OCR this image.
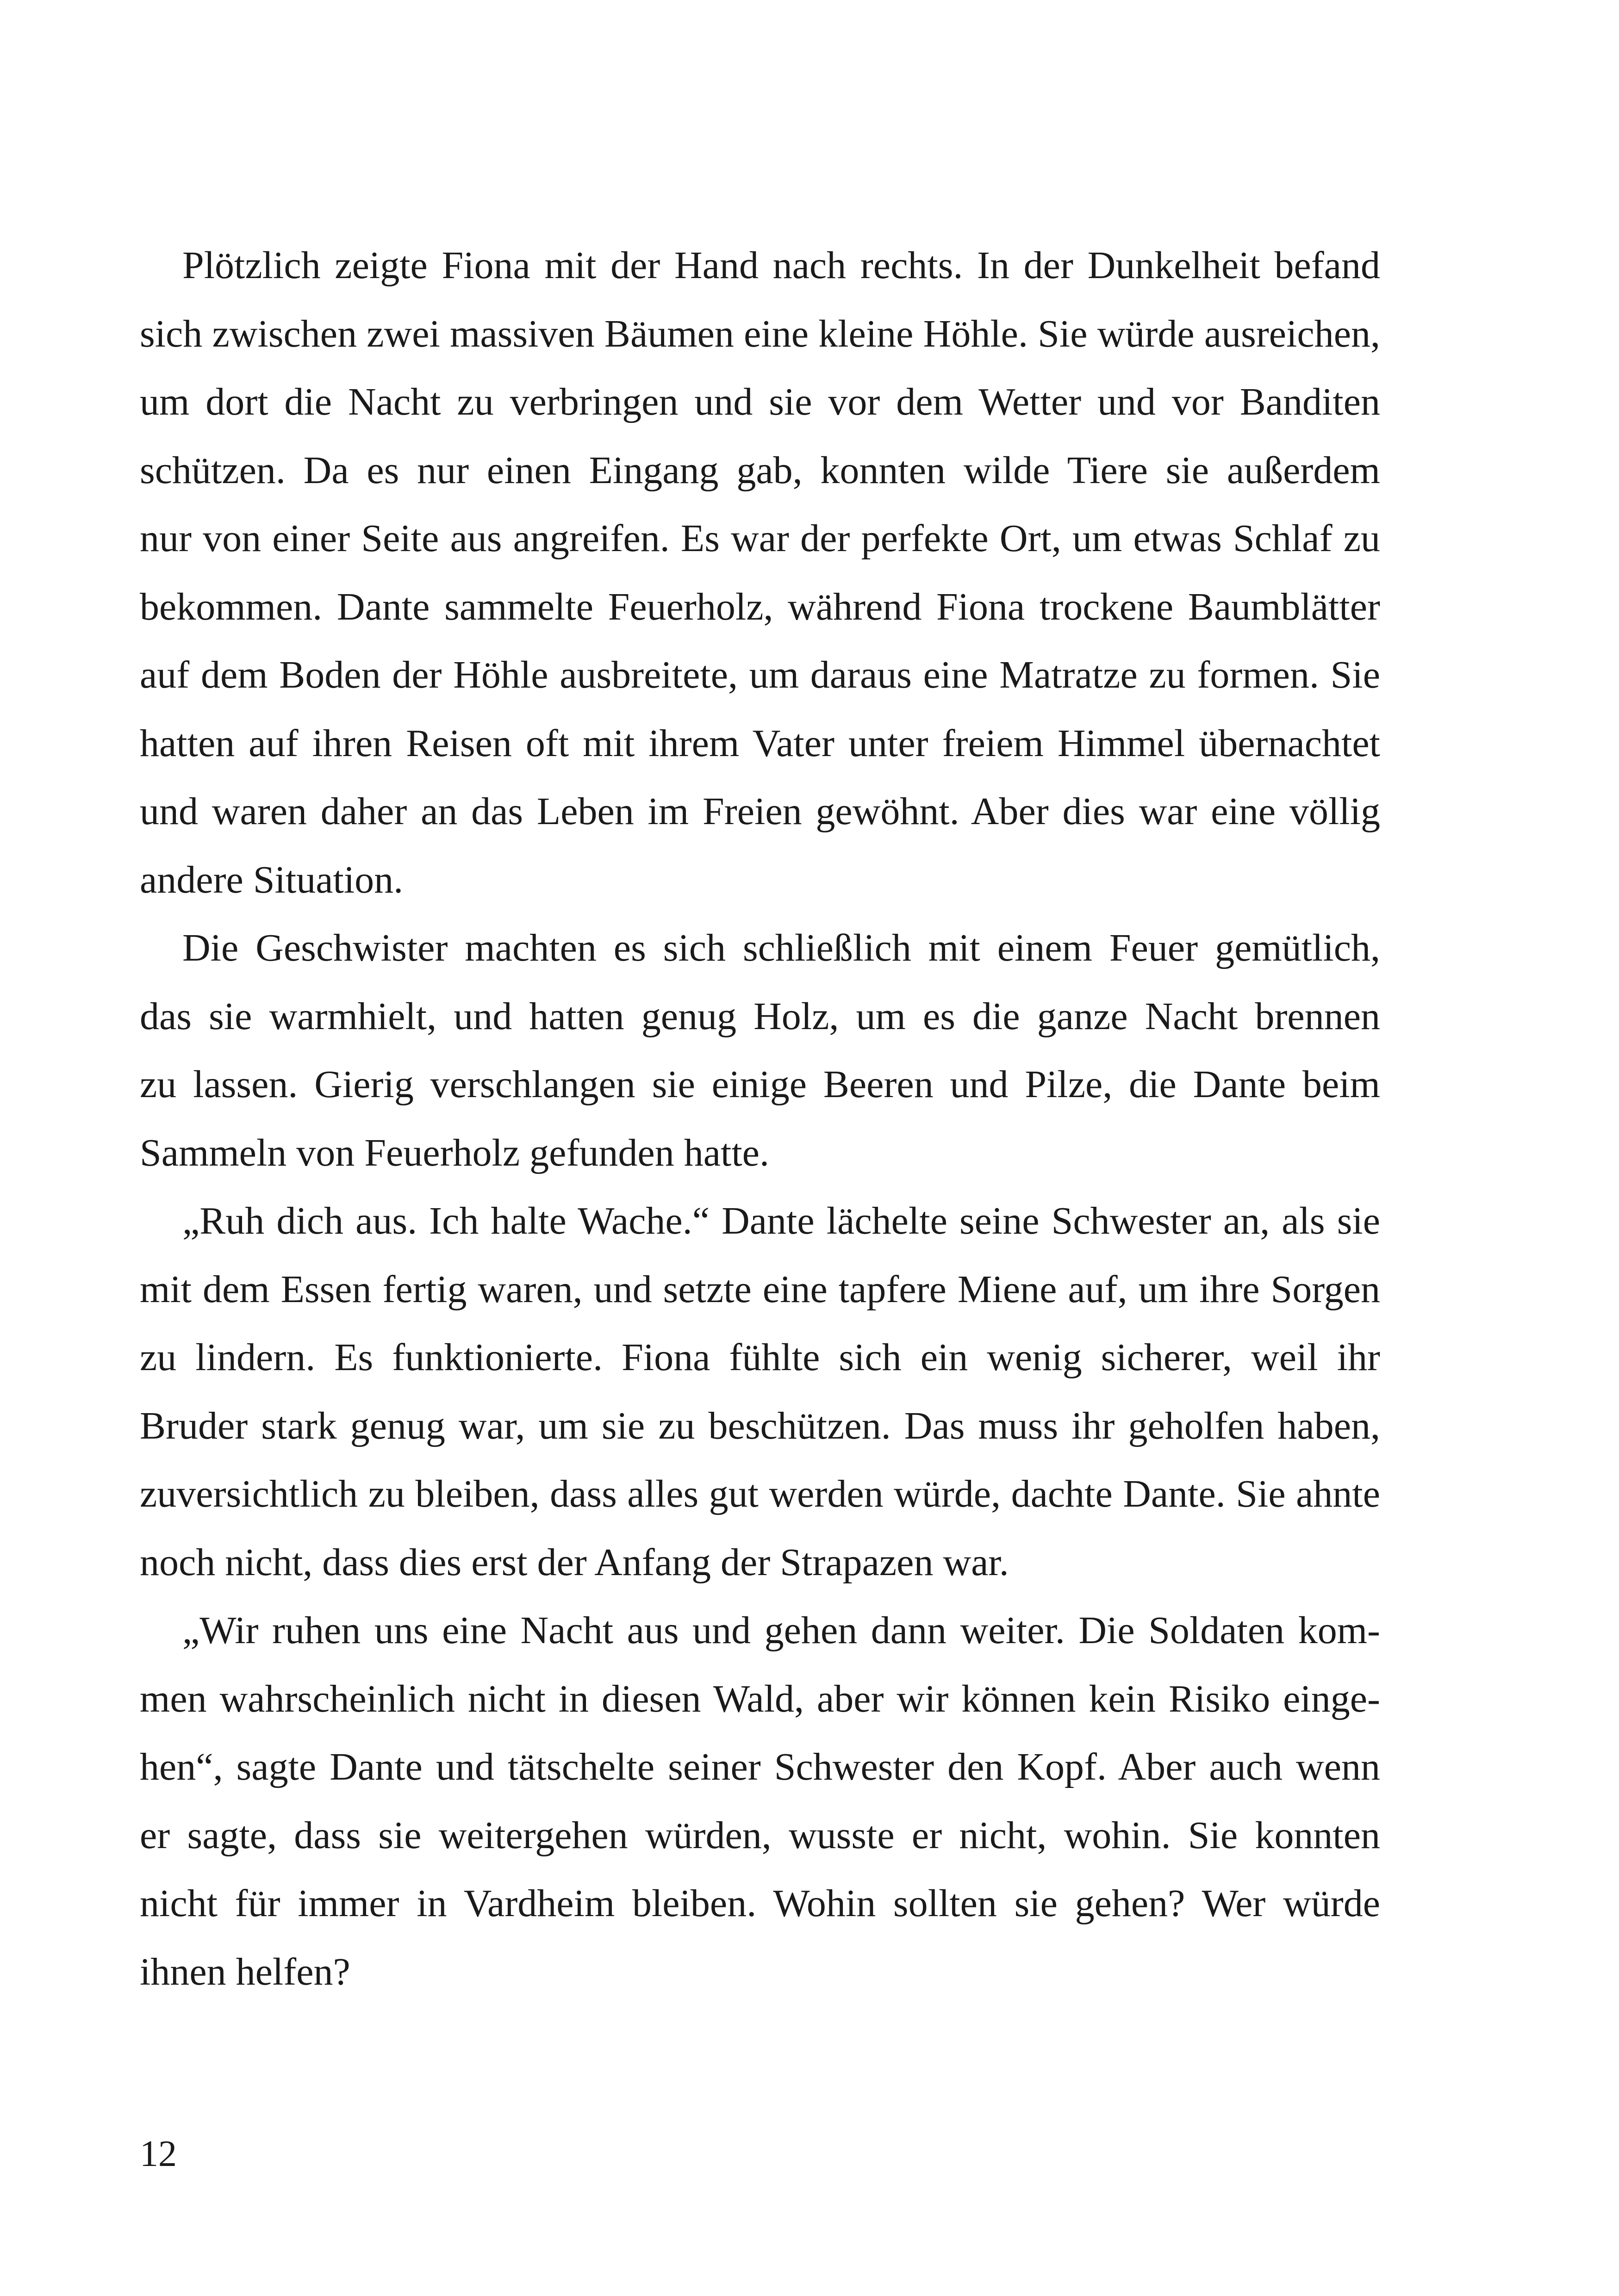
Plötzlich zeigte Fiona mit der Hand nach rechts. In der Dunkelheit befand
sich zwischen zwei massiven Bäumen eine kleine Höhle. Sie würde ausreichen,
um dort die Nacht zu verbringen und sie vor dem Wetter und vor Banditen
schützen. Da es nur einen Eingang gab, konnten wilde Tiere sie außerdem
nur von einer Seite aus angreifen. Es war der perfekte Ort, um etwas Schlaf zu
bekommen. Dante sammelte Feuerholz, während Fiona trockene Baumblätter
auf dem Boden der Höhle ausbreitete, um daraus eine Matratze zu formen. Sie
hatten auf ihren Reisen oft mit ihrem Vater unter freiem Himmel übernachtet
und waren daher an das Leben im Freien gewöhnt. Aber dies war eine völlig
andere Situation.
Die Geschwister machten es sich schließlich mit einem Feuer gemütlich,
das sie warmhielt, und hatten genug Holz, um es die ganze Nacht brennen
zu lassen. Gierig verschlangen sie einige Beeren und Pilze, die Dante beim
Sammeln von Feuerholz gefunden hatte.
„Ruh dich aus. Ich halte Wache.“ Dante lächelte seine Schwester an, als sie
mit dem Essen fertig waren, und setzte eine tapfere Miene auf, um ihre Sorgen
zu lindern. Es funktionierte. Fiona fühlte sich ein wenig sicherer, weil ihr
Bruder stark genug war, um sie zu beschützen. Das muss ihr geholfen haben,
zuversichtlich zu bleiben, dass alles gut werden würde, dachte Dante. Sie ahnte
noch nicht, dass dies erst der Anfang der Strapazen war.
„Wir ruhen uns eine Nacht aus und gehen dann weiter. Die Soldaten kom-
men wahrscheinlich nicht in diesen Wald, aber wir können kein Risiko einge-
hen“, sagte Dante und tätschelte seiner Schwester den Kopf. Aber auch wenn
er sagte, dass sie weitergehen würden, wusste er nicht, wohin. Sie konnten
nicht für immer in Vardheim bleiben. Wohin sollten sie gehen? Wer würde
ihnen helfen?
12
